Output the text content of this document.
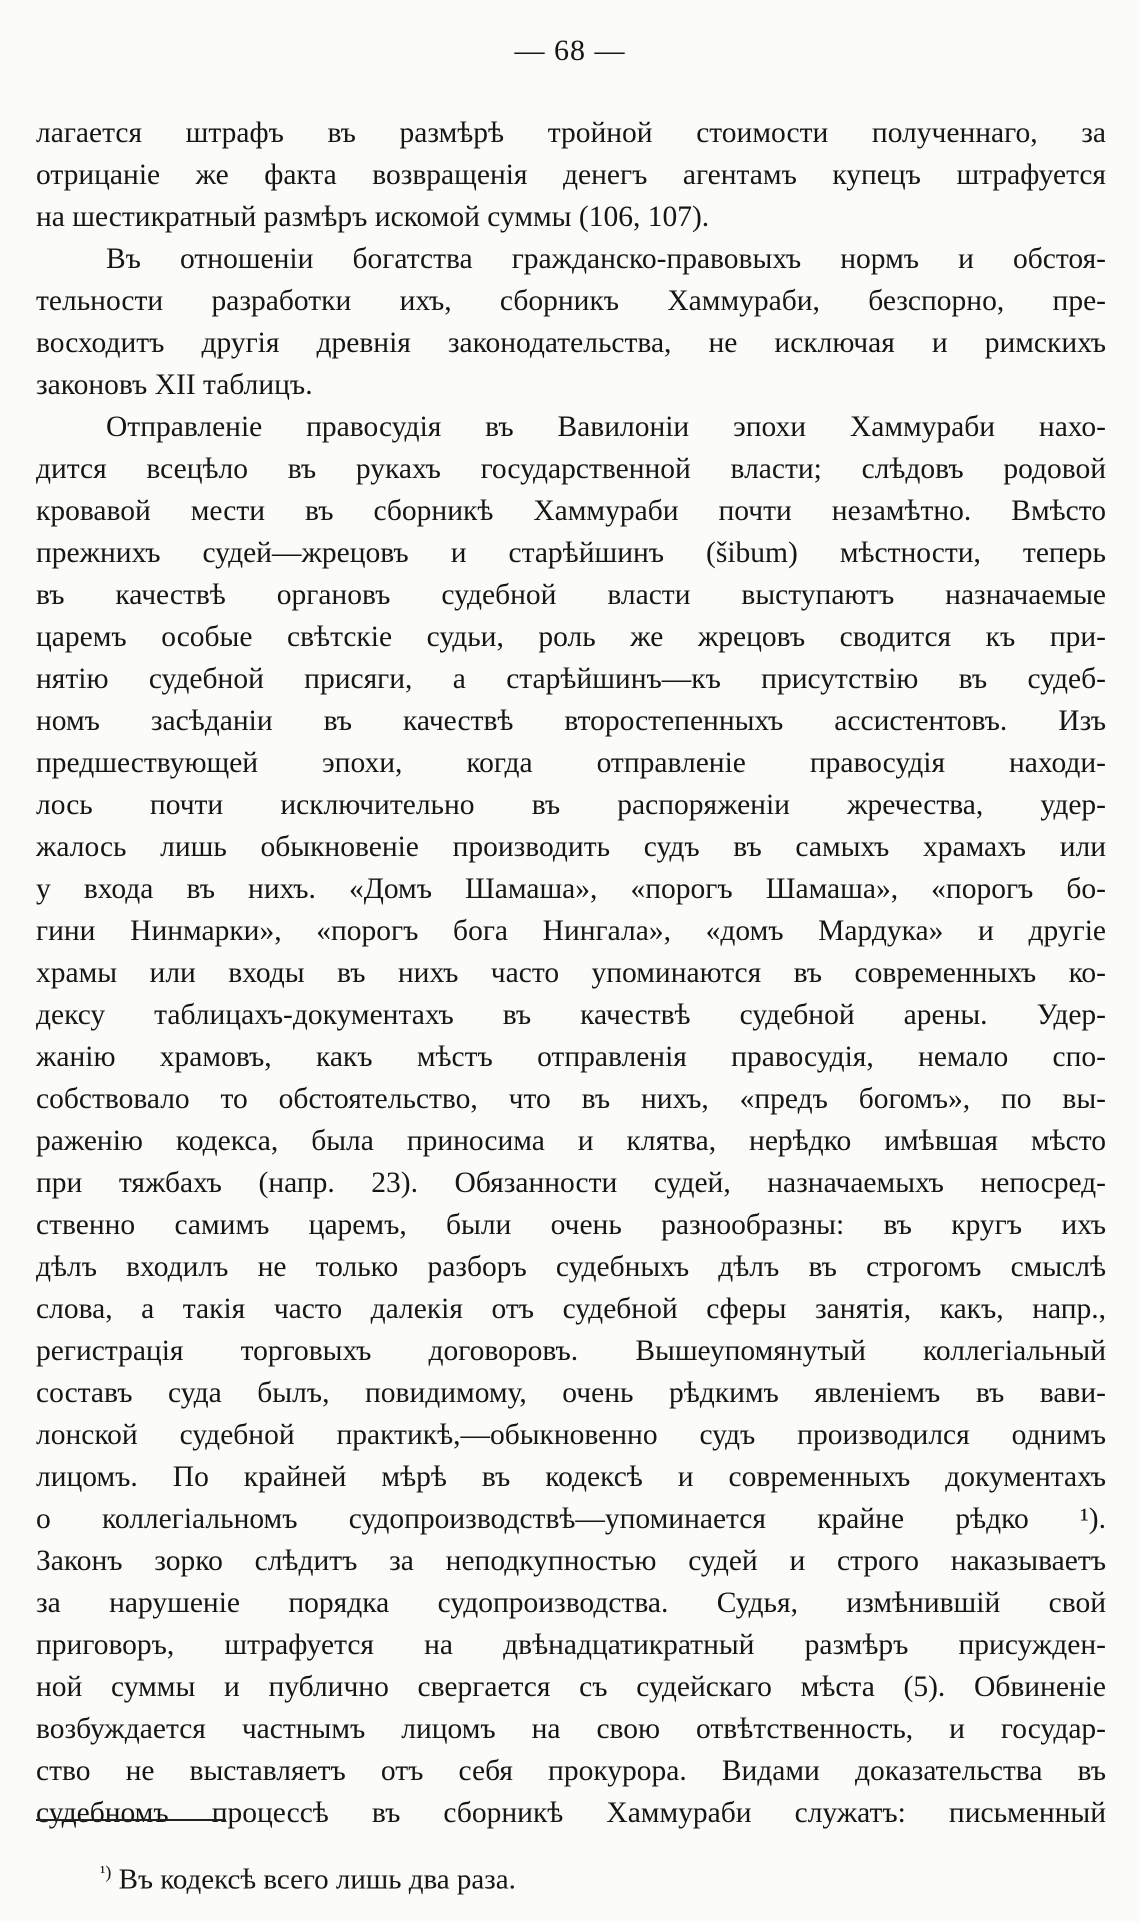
— 68 —
лагается штрафъ въ размѣрѣ тройной стоимости полученнаго, за
отрицаніе же факта возвращенія денегъ агентамъ купецъ штрафуется
на шестикратный размѣръ искомой суммы (106, 107).
Въ отношеніи богатства гражданско-правовыхъ нормъ и обстоя-
тельности разработки ихъ, сборникъ Хаммураби, безспорно, пре-
восходитъ другія древнія законодательства, не исключая и римскихъ
законовъ XII таблицъ.
Отправленіе правосудія въ Вавилоніи эпохи Хаммураби нахо-
дится всецѣло въ рукахъ государственной власти; слѣдовъ родовой
кровавой мести въ сборникѣ Хаммураби почти незамѣтно. Вмѣсто
прежнихъ судей—жрецовъ и старѣйшинъ (šibum) мѣстности, теперь
въ качествѣ органовъ судебной власти выступаютъ назначаемые
царемъ особые свѣтскіе судьи, роль же жрецовъ сводится къ при-
нятію судебной присяги, а старѣйшинъ—къ присутствію въ судеб-
номъ засѣданіи въ качествѣ второстепенныхъ ассистентовъ. Изъ
предшествующей эпохи, когда отправленіе правосудія находи-
лось почти исключительно въ распоряженіи жречества, удер-
жалось лишь обыкновеніе производить судъ въ самыхъ храмахъ или
у входа въ нихъ. «Домъ Шамаша», «порогъ Шамаша», «порогъ бо-
гини Нинмарки», «порогъ бога Нингала», «домъ Мардука» и другіе
храмы или входы въ нихъ часто упоминаются въ современныхъ ко-
дексу таблицахъ-документахъ въ качествѣ судебной арены. Удер-
жанію храмовъ, какъ мѣстъ отправленія правосудія, немало спо-
собствовало то обстоятельство, что въ нихъ, «предъ богомъ», по вы-
раженію кодекса, была приносима и клятва, нерѣдко имѣвшая мѣсто
при тяжбахъ (напр. 23). Обязанности судей, назначаемыхъ непосред-
ственно самимъ царемъ, были очень разнообразны: въ кругъ ихъ
дѣлъ входилъ не только разборъ судебныхъ дѣлъ въ строгомъ смыслѣ
слова, а такія часто далекія отъ судебной сферы занятія, какъ, напр.,
регистрація торговыхъ договоровъ. Вышеупомянутый коллегіальный
составъ суда былъ, повидимому, очень рѣдкимъ явленіемъ въ вави-
лонской судебной практикѣ,—обыкновенно судъ производился однимъ
лицомъ. По крайней мѣрѣ въ кодексѣ и современныхъ документахъ
о коллегіальномъ судопроизводствѣ—упоминается крайне рѣдко ¹).
Законъ зорко слѣдитъ за неподкупностью судей и строго наказываетъ
за нарушеніе порядка судопроизводства. Судья, измѣнившій свой
приговоръ, штрафуется на двѣнадцатикратный размѣръ присужден-
ной суммы и публично свергается съ судейскаго мѣста (5). Обвиненіе
возбуждается частнымъ лицомъ на свою отвѣтственность, и государ-
ство не выставляетъ отъ себя прокурора. Видами доказательства въ
судебномъ процессѣ въ сборникѣ Хаммураби служатъ: письменный
$^{^1)}$ Въ кодексѣ всего лишь два раза.
